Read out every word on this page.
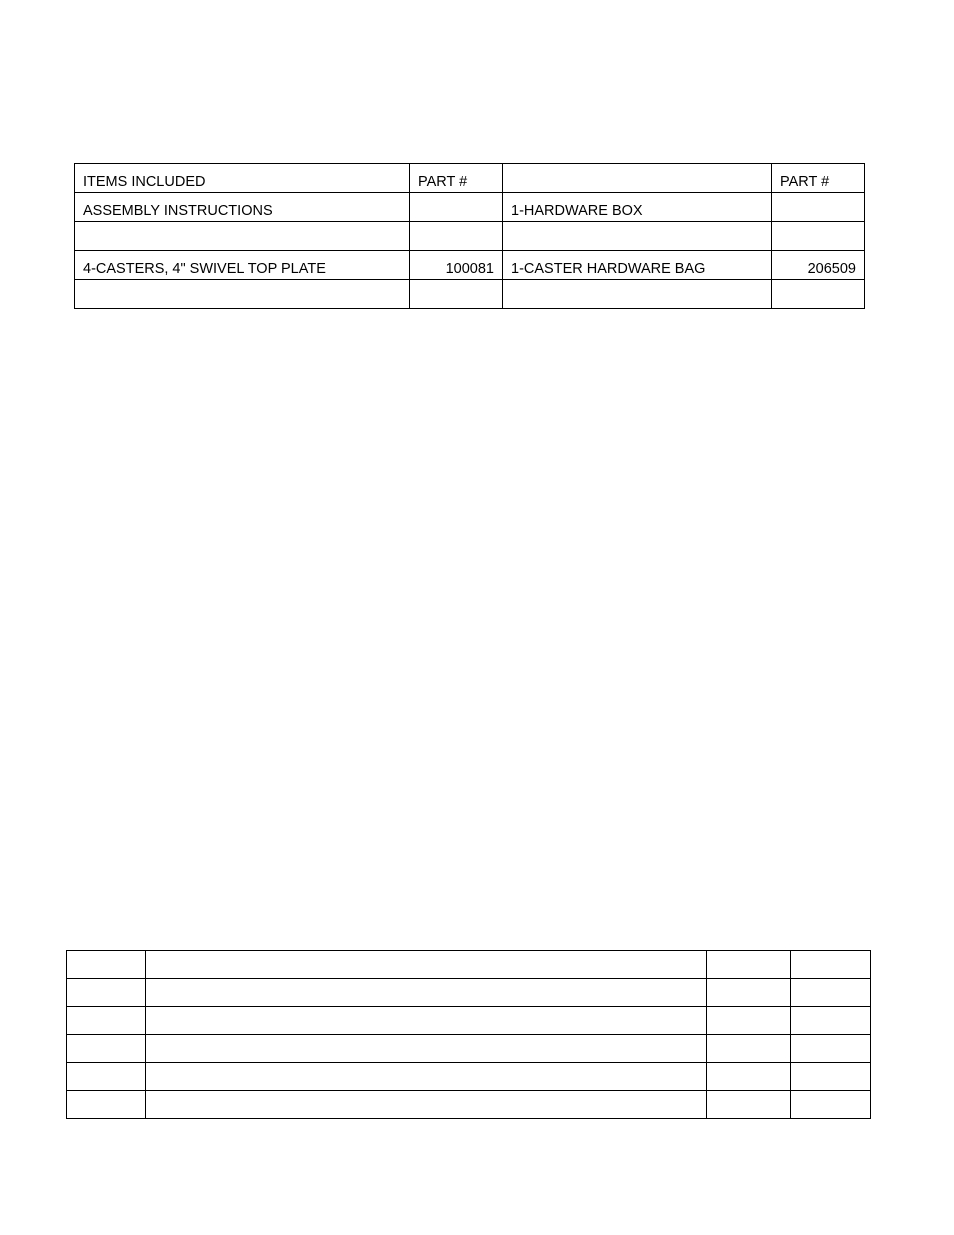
ITEMS INCLUDED	PART #		PART #
ASSEMBLY INSTRUCTIONS		1-HARDWARE BOX	

4-CASTERS, 4" SWIVEL TOP PLATE	100081	1-CASTER HARDWARE BAG	206509
